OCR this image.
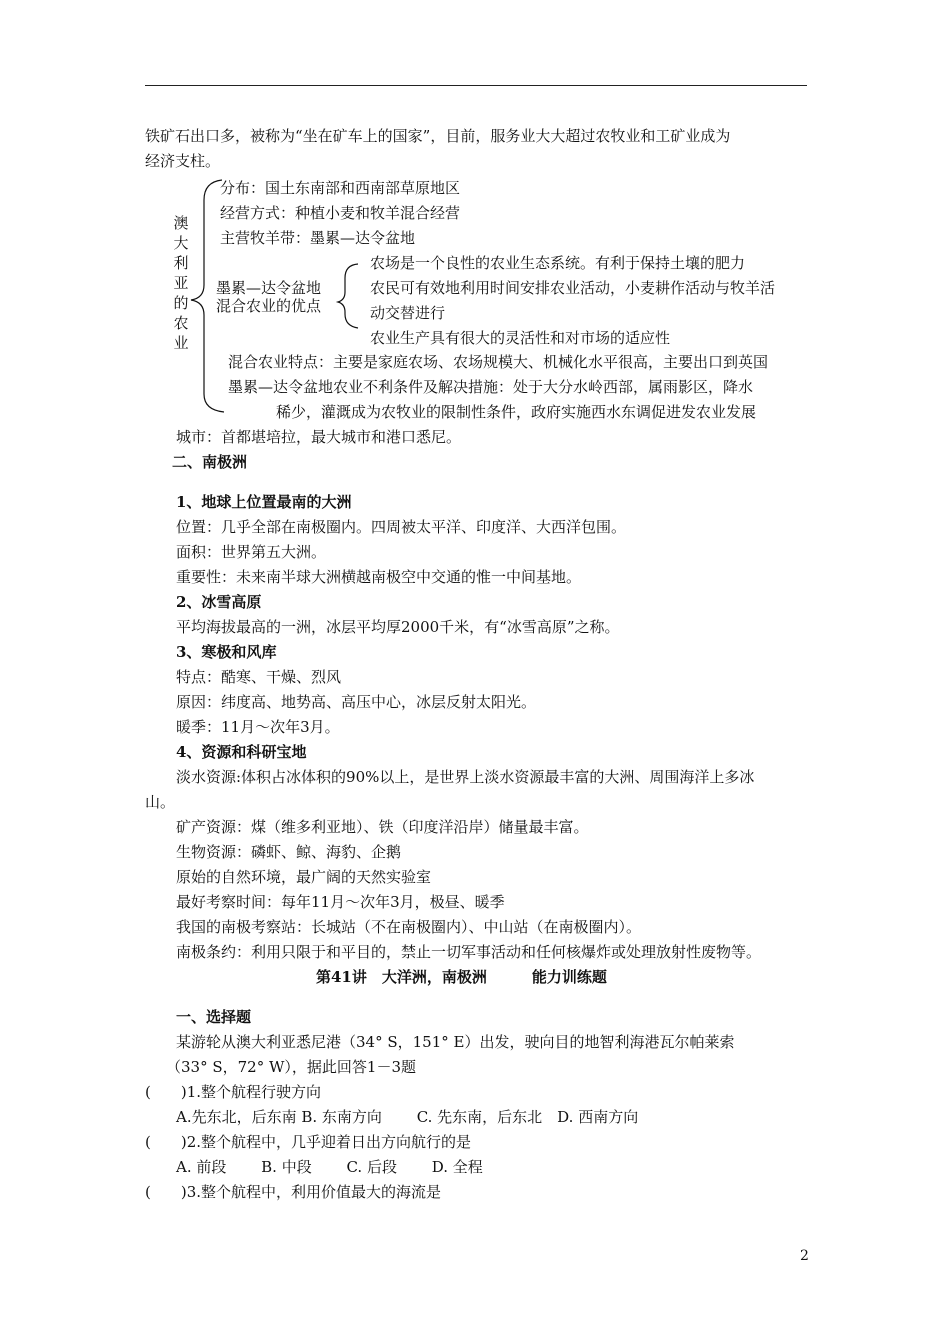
铁矿石出口多，被称为“坐在矿车上的国家”，目前，服务业大大超过农牧业和工矿业成为
经济支柱。
澳
大
利
亚
的
农
业
分布：国土东南部和西南部草原地区
经营方式：种植小麦和牧羊混合经营
主营牧羊带：墨累—达令盆地
墨累—达令盆地
混合农业的优点
农场是一个良性的农业生态系统。有利于保持土壤的肥力
农民可有效地利用时间安排农业活动，小麦耕作活动与牧羊活
动交替进行
农业生产具有很大的灵活性和对市场的适应性
混合农业特点：主要是家庭农场、农场规模大、机械化水平很高，主要出口到英国
墨累—达令盆地农业不利条件及解决措施：处于大分水岭西部，属雨影区，降水
稀少，灌溉成为农牧业的限制性条件，政府实施西水东调促进发农业发展
城市：首都堪培拉，最大城市和港口悉尼。
二、南极洲
1、地球上位置最南的大洲
位置：几乎全部在南极圈内。四周被太平洋、印度洋、大西洋包围。
面积：世界第五大洲。
重要性：未来南半球大洲横越南极空中交通的惟一中间基地。
2、冰雪高原
平均海拔最高的一洲，冰层平均厚2000千米，有“冰雪高原”之称。
3、寒极和风库
特点：酷寒、干燥、烈风
原因：纬度高、地势高、高压中心，冰层反射太阳光。
暖季：11月～次年3月。
4、资源和科研宝地
淡水资源:体积占冰体积的90%以上，是世界上淡水资源最丰富的大洲、周围海洋上多冰
山。
矿产资源：煤（维多利亚地）、铁（印度洋沿岸）储量最丰富。
生物资源：磷虾、鲸、海豹、企鹅
原始的自然环境，最广阔的天然实验室
最好考察时间：每年11月～次年3月，极昼、暖季
我国的南极考察站：长城站（不在南极圈内）、中山站（在南极圈内）。
南极条约：利用只限于和平目的，禁止一切军事活动和任何核爆炸或处理放射性废物等。
第41讲　大洋洲，南极洲　　　能力训练题
一、选择题
某游轮从澳大利亚悉尼港（34° S，151° E）出发，驶向目的地智利海港瓦尔帕莱索
（33° S，72° W），据此回答1－3题
(　　)1.整个航程行驶方向
A.先东北，后东南 B. 东南方向　　 C. 先东南，后东北　D. 西南方向
(　　)2.整个航程中，几乎迎着日出方向航行的是
A. 前段　　 B. 中段　　 C. 后段　　 D. 全程
(　　)3.整个航程中，利用价值最大的海流是
2
